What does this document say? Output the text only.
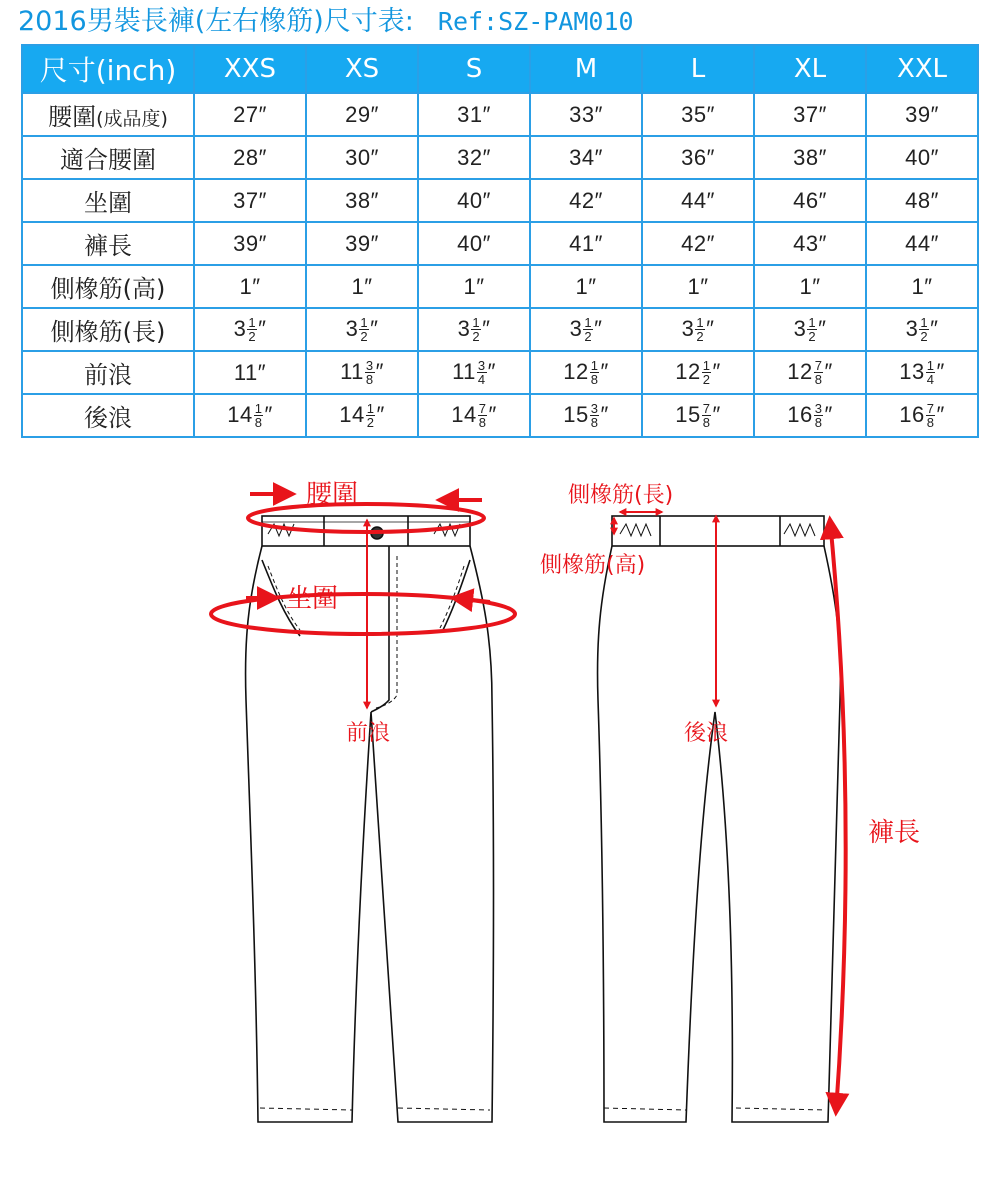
2016男裝長褲(左右橡筋)尺寸表: Ref:SZ-PAM010
尺寸(inch)	XXS	XS	S	M	L	XL	XXL
腰圍(成品度)	27″	29″	31″	33″	35″	37″	39″
適合腰圍	28″	30″	32″	34″	36″	38″	40″
坐圍	37″	38″	40″	42″	44″	46″	48″
褲長	39″	39″	40″	41″	42″	43″	44″
側橡筋(高)	1″	1″	1″	1″	1″	1″	1″
側橡筋(長)	$3 \frac{1}{2}$ ″	$3 \frac{1}{2}$ ″	$3 \frac{1}{2}$ ″	$3 \frac{1}{2}$ ″	$3 \frac{1}{2}$ ″	$3 \frac{1}{2}$ ″	$3 \frac{1}{2}$ ″
前浪	11″	$11 \frac{3}{8}$ ″	$11 \frac{3}{4}$ ″	$12 \frac{1}{8}$ ″	$12 \frac{1}{2}$ ″	$12 \frac{7}{8}$ ″	$13 \frac{1}{4}$ ″
後浪	$14 \frac{1}{8}$ ″	$14 \frac{1}{2}$ ″	$14 \frac{7}{8}$ ″	$15 \frac{3}{8}$ ″	$15 \frac{7}{8}$ ″	$16 \frac{3}{8}$ ″	$16 \frac{7}{8}$ ″
腰圍
坐圍
前浪	後浪
側橡筋(長)
側橡筋(高)
褲長
